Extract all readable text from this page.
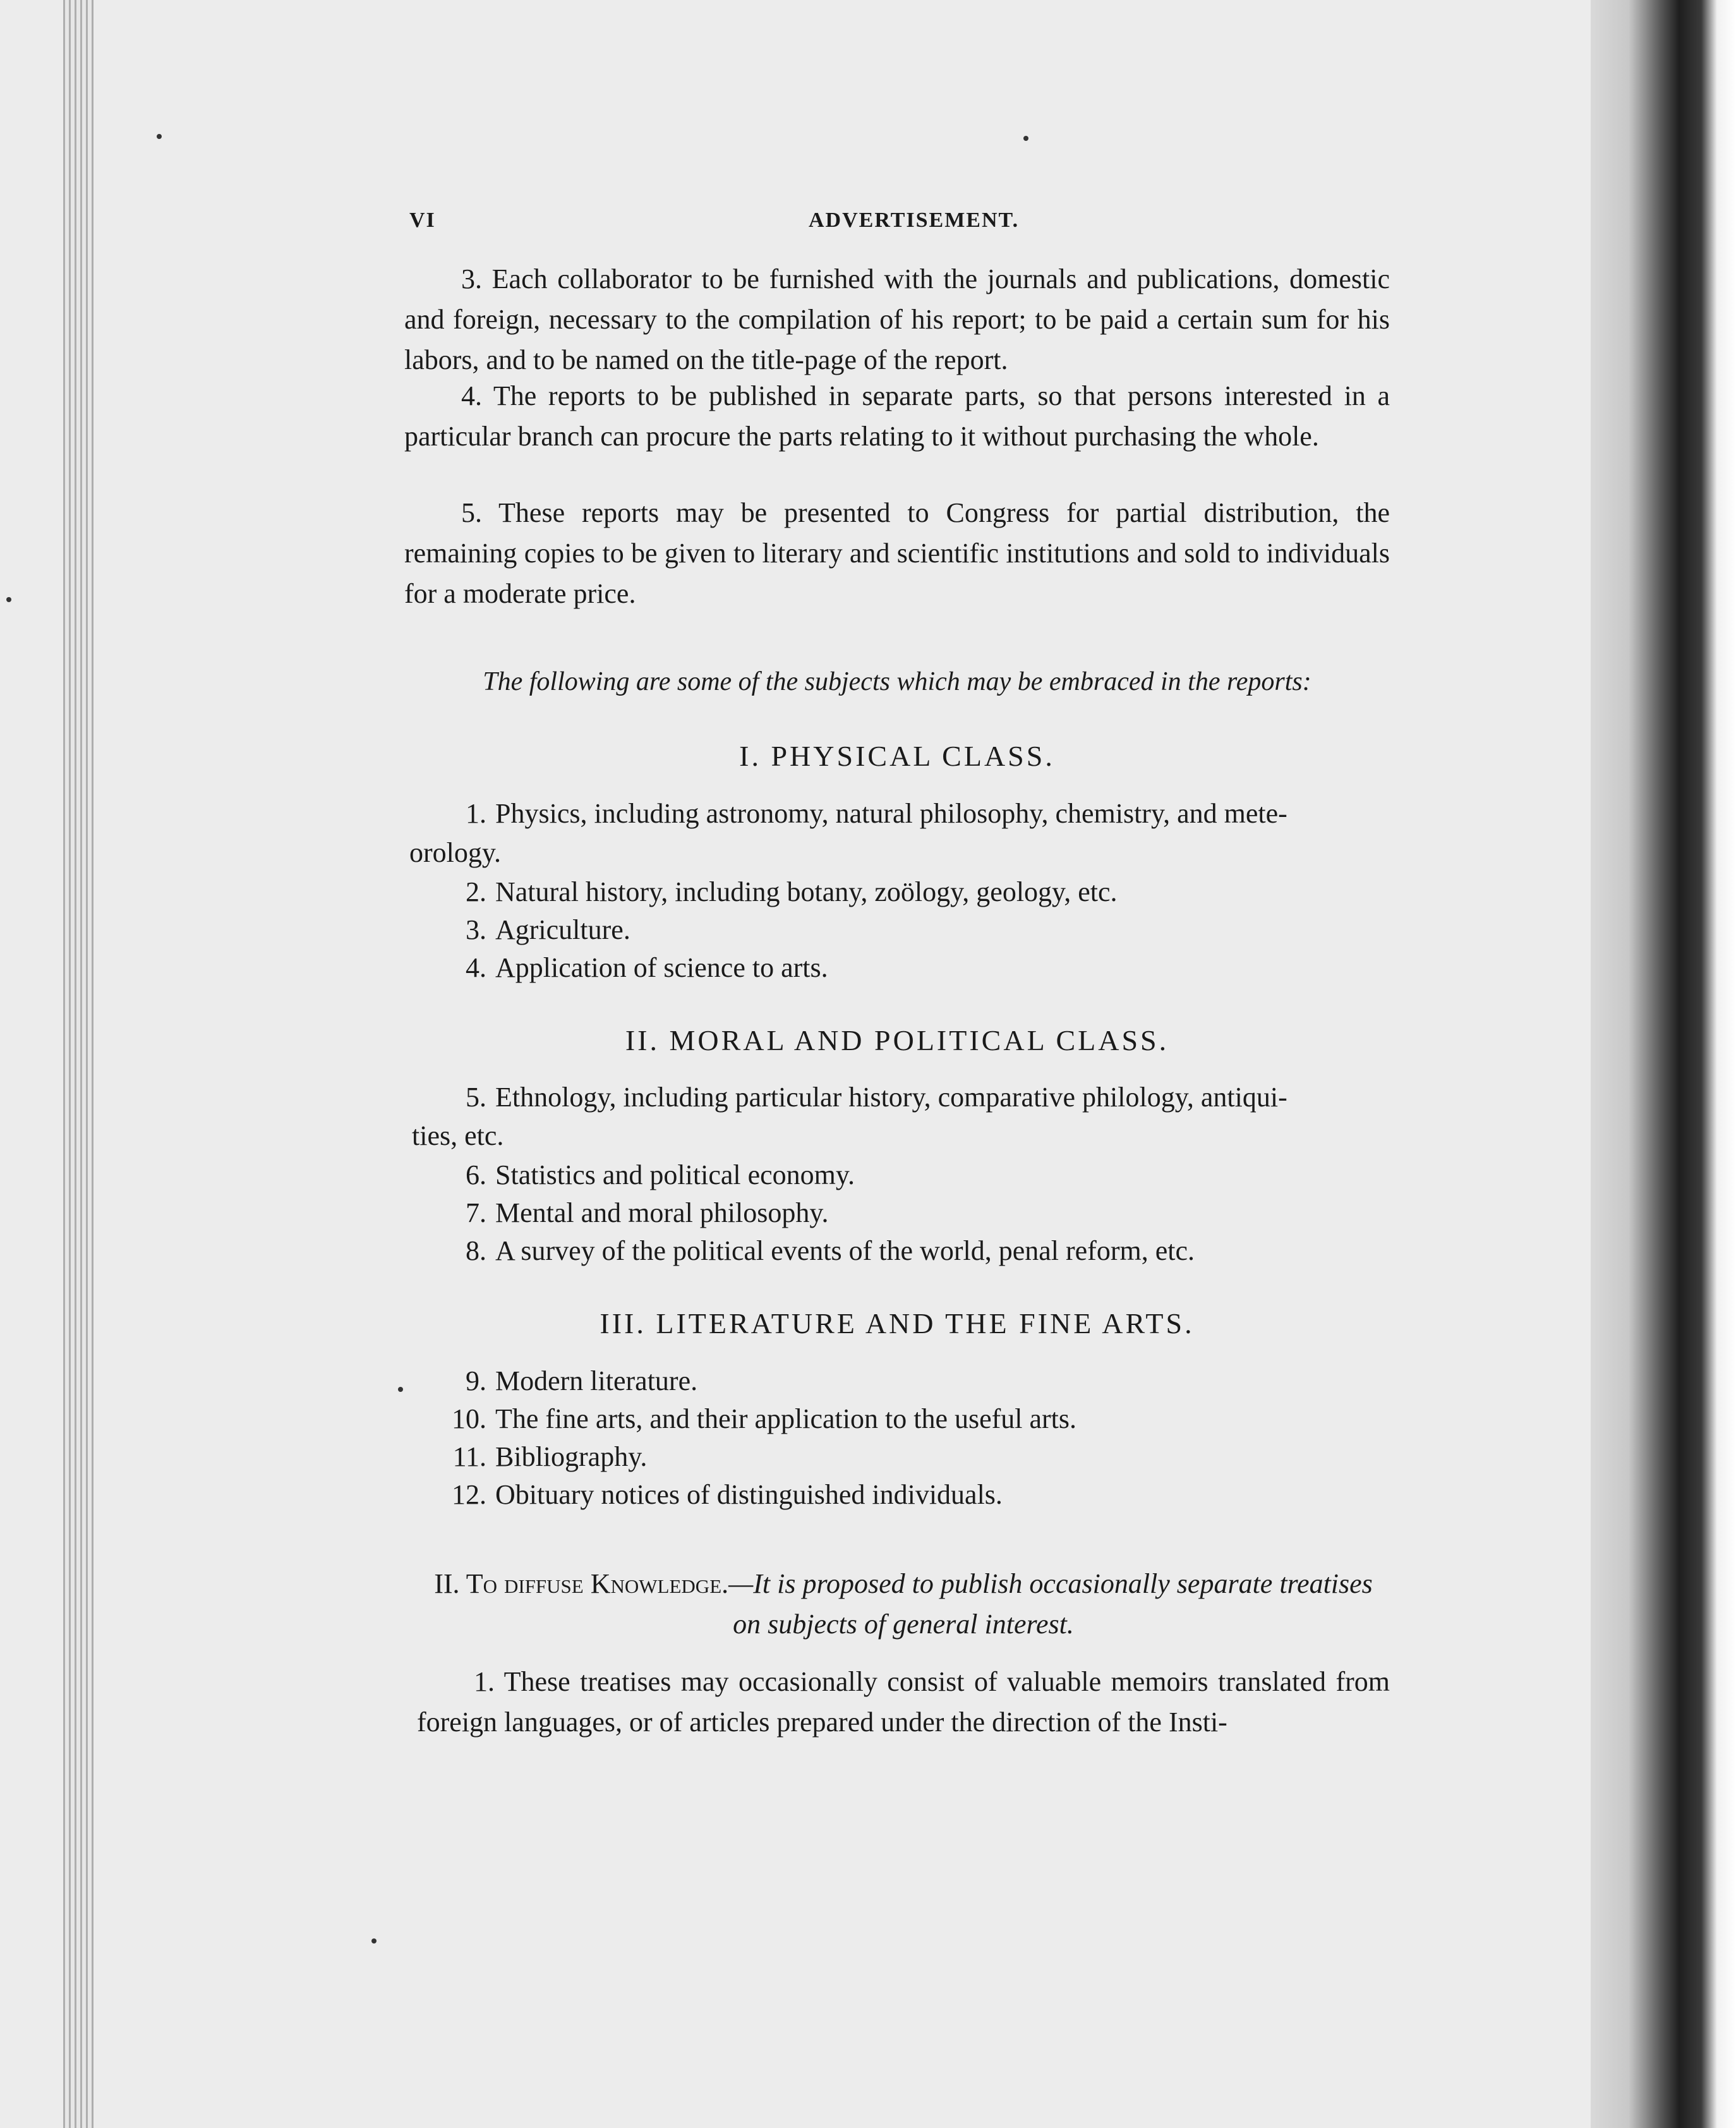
VI	ADVERTISEMENT.

3. Each collaborator to be furnished with the journals and publications, domestic and foreign, necessary to the compilation of his report; to be paid a certain sum for his labors, and to be named on the title-page of the report.

4. The reports to be published in separate parts, so that persons interested in a particular branch can procure the parts relating to it without purchasing the whole.

5. These reports may be presented to Congress for partial distribution, the remaining copies to be given to literary and scientific institutions and sold to individuals for a moderate price.

The following are some of the subjects which may be embraced in the reports:
I. PHYSICAL CLASS.
1. Physics, including astronomy, natural philosophy, chemistry, and mete-
orology.
2. Natural history, including botany, zoölogy, geology, etc.
3. Agriculture.
4. Application of science to arts.
II. MORAL AND POLITICAL CLASS.
5. Ethnology, including particular history, comparative philology, antiqui-
ties, etc.
6. Statistics and political economy.
7. Mental and moral philosophy.
8. A survey of the political events of the world, penal reform, etc.
III. LITERATURE AND THE FINE ARTS.
9. Modern literature.
10. The fine arts, and their application to the useful arts.
11. Bibliography.
12. Obituary notices of distinguished individuals.
II. To diffuse Knowledge.—It is proposed to publish occasionally separate treatises on subjects of general interest.

1. These treatises may occasionally consist of valuable memoirs translated from foreign languages, or of articles prepared under the direction of the Insti-
